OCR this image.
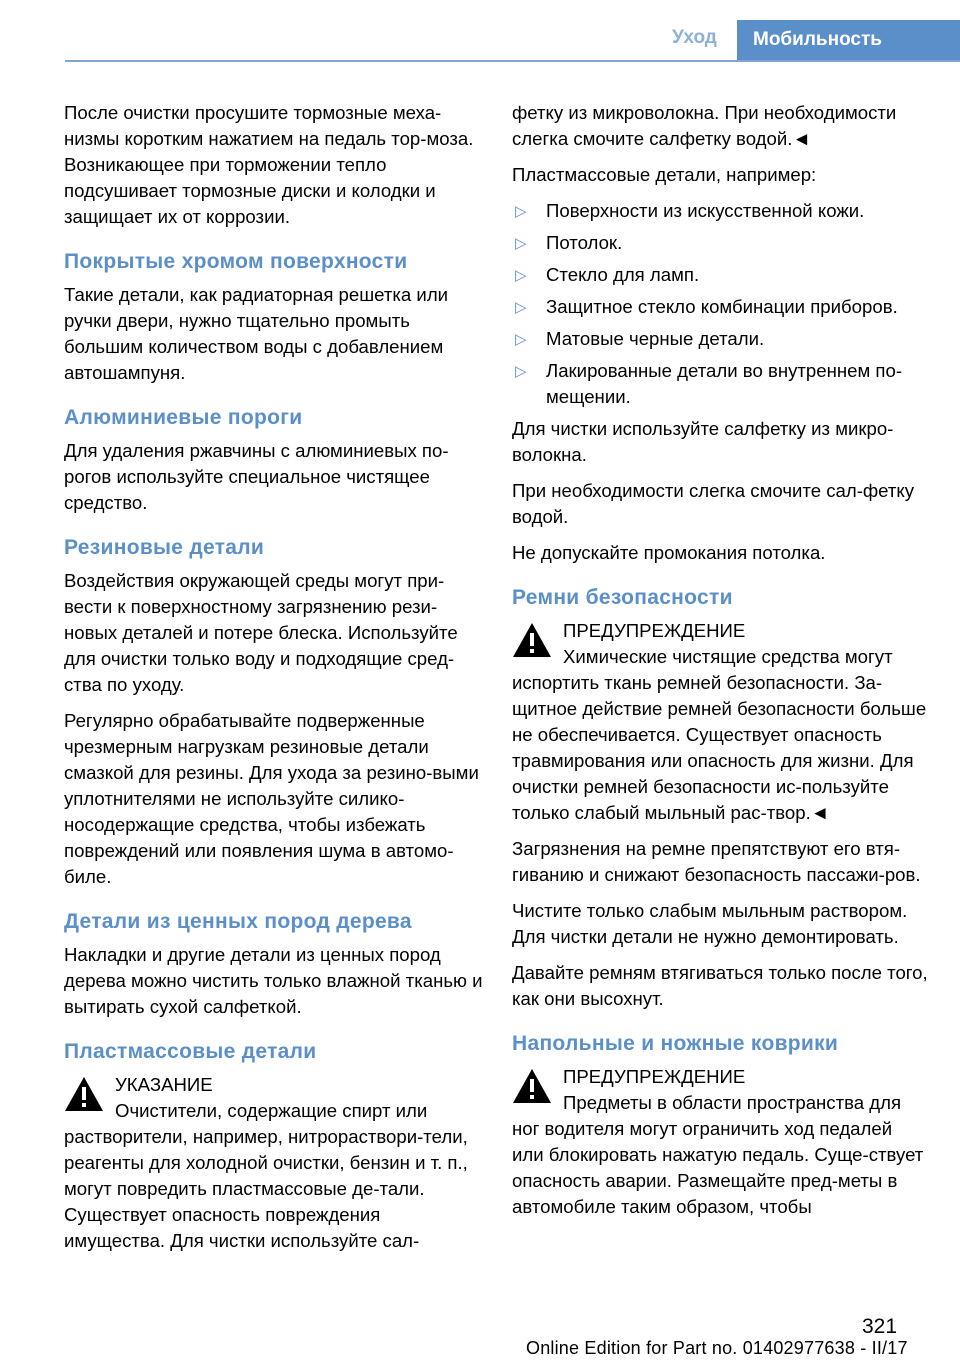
Уход	Мобильность

После очистки просушите тормозные меха-низмы коротким нажатием на педаль тор-моза. Возникающее при торможении тепло подсушивает тормозные диски и колодки и защищает их от коррозии.

Покрытые хромом поверхности

Такие детали, как радиаторная решетка или ручки двери, нужно тщательно промыть большим количеством воды с добавлением автошампуня.

Алюминиевые пороги

Для удаления ржавчины с алюминиевых по-рогов используйте специальное чистящее средство.

Резиновые детали

Воздействия окружающей среды могут при-вести к поверхностному загрязнению рези-новых деталей и потере блеска. Используйте для очистки только воду и подходящие сред-ства по уходу.

Регулярно обрабатывайте подверженные чрезмерным нагрузкам резиновые детали смазкой для резины. Для ухода за резино-выми уплотнителями не используйте силико-носодержащие средства, чтобы избежать повреждений или появления шума в автомо-биле.

Детали из ценных пород дерева

Накладки и другие детали из ценных пород дерева можно чистить только влажной тканью и вытирать сухой салфеткой.

Пластмассовые детали

УКАЗАНИЕ

Очистители, содержащие спирт или

растворители, например, нитрораствори-тели, реагенты для холодной очистки, бензин и т. п., могут повредить пластмассовые де-тали. Существует опасность повреждения имущества. Для чистки используйте сал-

фетку из микроволокна. При необходимости слегка смочите салфетку водой.◄

Пластмассовые детали, например:

▷ Поверхности из искусственной кожи.
▷ Потолок.
▷ Стекло для ламп.
▷ Защитное стекло комбинации приборов.
▷ Матовые черные детали.
▷ Лакированные детали во внутреннем по-мещении.

Для чистки используйте салфетку из микро-волокна.

При необходимости слегка смочите сал-фетку водой.

Не допускайте промокания потолка.

Ремни безопасности

ПРЕДУПРЕЖДЕНИЕ

Химические чистящие средства могут

испортить ткань ремней безопасности. За-щитное действие ремней безопасности больше не обеспечивается. Существует опасность травмирования или опасность для жизни. Для очистки ремней безопасности ис-пользуйте только слабый мыльный рас-твор.◄

Загрязнения на ремне препятствуют его втя-гиванию и снижают безопасность пассажи-ров.

Чистите только слабым мыльным раствором. Для чистки детали не нужно демонтировать.

Давайте ремням втягиваться только после того, как они высохнут.

Напольные и ножные коврики

ПРЕДУПРЕЖДЕНИЕ

Предметы в области пространства для

ног водителя могут ограничить ход педалей или блокировать нажатую педаль. Суще-ствует опасность аварии. Размещайте пред-меты в автомобиле таким образом, чтобы

321
Online Edition for Part no. 01402977638 - II/17
